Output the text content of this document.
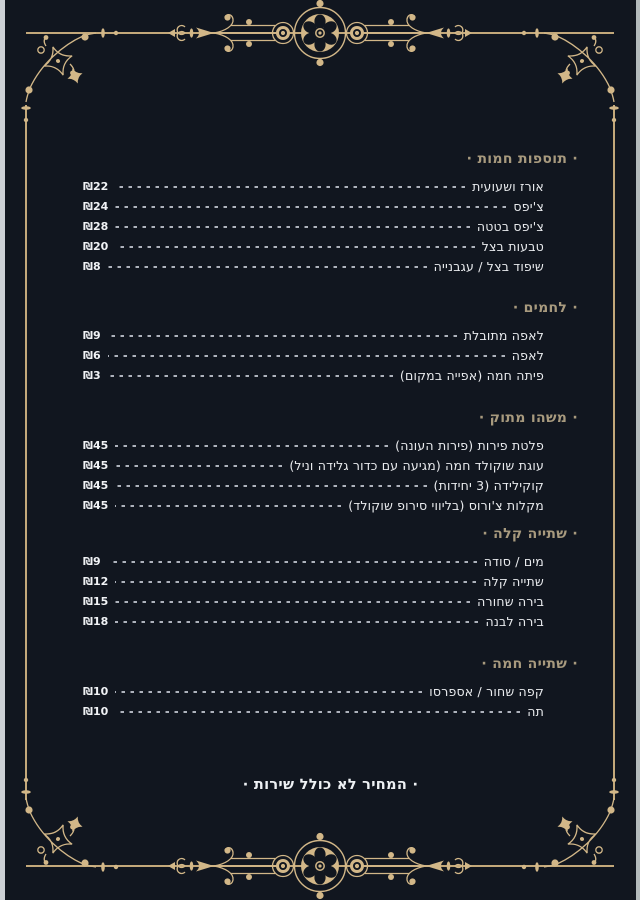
· תוספות חמות ·
אורז ושעועית
₪22
צ'יפס
₪24
צ'יפס בטטה
₪28
טבעות בצל
₪20
שיפוד בצל / עגבנייה
₪8
· לחמים ·
לאפה מתובלת
₪9
לאפה
₪6
פיתה חמה (אפייה במקום)
₪3
· משהו מתוק ·
פלטת פירות (פירות העונה)
₪45
עוגת שוקולד חמה (מגיעה עם כדור גלידה וניל)
₪45
קוקילידה (3 יחידות)
₪45
מקלות צ'ורוס (בליווי סירופ שוקולד)
₪45
· שתייה קלה ·
מים / סודה
₪9
שתייה קלה
₪12
בירה שחורה
₪15
בירה לבנה
₪18
· שתייה חמה ·
קפה שחור / אספרסו
₪10
תה
₪10
· המחיר לא כולל שירות ·
